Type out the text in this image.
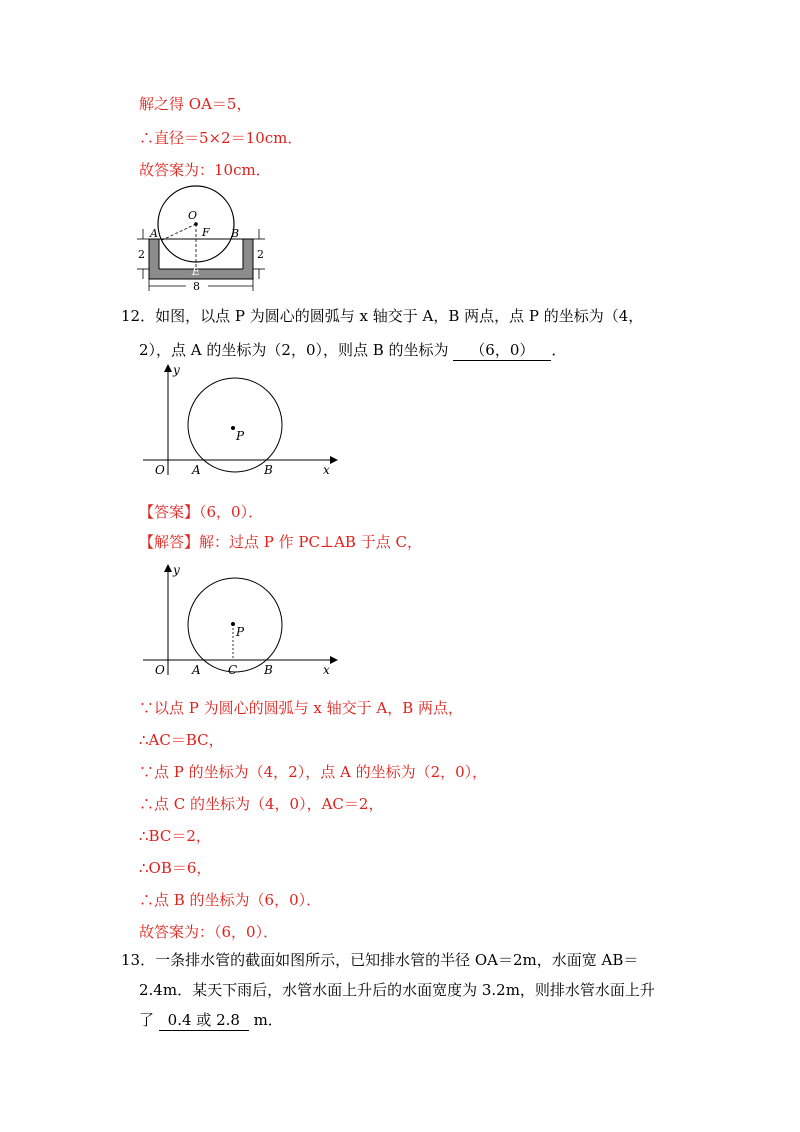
解之得 OA＝5，
∴直径＝5×2＝10cm．
故答案为：10cm．
O
F
A	B
E
2	2
8
12．如图，以点 P 为圆心的圆弧与 x 轴交于 A，B 两点，点 P 的坐标为（4，
2），点 A 的坐标为（2，0），则点 B 的坐标为 （6，0） ．
y
x
O A	B
P
【答案】（6，0）．
【解答】解：过点 P 作 PC⊥AB 于点 C，
y
x
O A C B
P
∵以点 P 为圆心的圆弧与 x 轴交于 A，B 两点，
∴AC＝BC，
∵点 P 的坐标为（4，2），点 A 的坐标为（2，0），
∴点 C 的坐标为（4，0），AC＝2，
∴BC＝2，
∴OB＝6，
∴点 B 的坐标为（6，0）．
故答案为：（6，0）．
13．一条排水管的截面如图所示，已知排水管的半径 OA＝2m，水面宽 AB＝
2.4m．某天下雨后，水管水面上升后的水面宽度为 3.2m，则排水管水面上升
了 0.4 或 2.8 m．
